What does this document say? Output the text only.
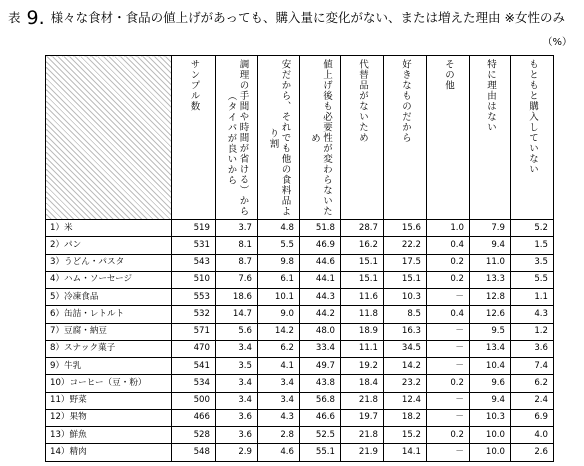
表 9. 様々な食材・食品の値上げがあっても、購入量に変化がない、または増えた理由 ※女性のみ
（%）

	サンプル数	調理の手間や時間が省ける）から（タイパが良いから	安だから、それでも他の食料品より割	値上げ後も必要性が変わらないため	代替品がないため	好きなものだから	その他	特に理由はない	もともと購入していない

1）米	519	3.7	4.8	51.8	28.7	15.6	1.0	7.9	5.2
2）パン	531	8.1	5.5	46.9	16.2	22.2	0.4	9.4	1.5
3）うどん・パスタ	543	8.7	9.8	44.6	15.1	17.5	0.2	11.0	3.5
4）ハム・ソーセージ	510	7.6	6.1	44.1	15.1	15.1	0.2	13.3	5.5
5）冷凍食品	553	18.6	10.1	44.3	11.6	10.3	－	12.8	1.1
6）缶詰・レトルト	532	14.7	9.0	44.2	11.8	8.5	0.4	12.6	4.3
7）豆腐・納豆	571	5.6	14.2	48.0	18.9	16.3	－	9.5	1.2
8）スナック菓子	470	3.4	6.2	33.4	11.1	34.5	－	13.4	3.6
9）牛乳	541	3.5	4.1	49.7	19.2	14.2	－	10.4	7.4
10）コーヒー（豆・粉）	534	3.4	3.4	43.8	18.4	23.2	0.2	9.6	6.2
11）野菜	500	3.4	3.4	56.8	21.8	12.4	－	9.4	2.4
12）果物	466	3.6	4.3	46.6	19.7	18.2	－	10.3	6.9
13）鮮魚	528	3.6	2.8	52.5	21.8	15.2	0.2	10.0	4.0
14）精肉	548	2.9	4.6	55.1	21.9	14.1	－	10.0	2.6
